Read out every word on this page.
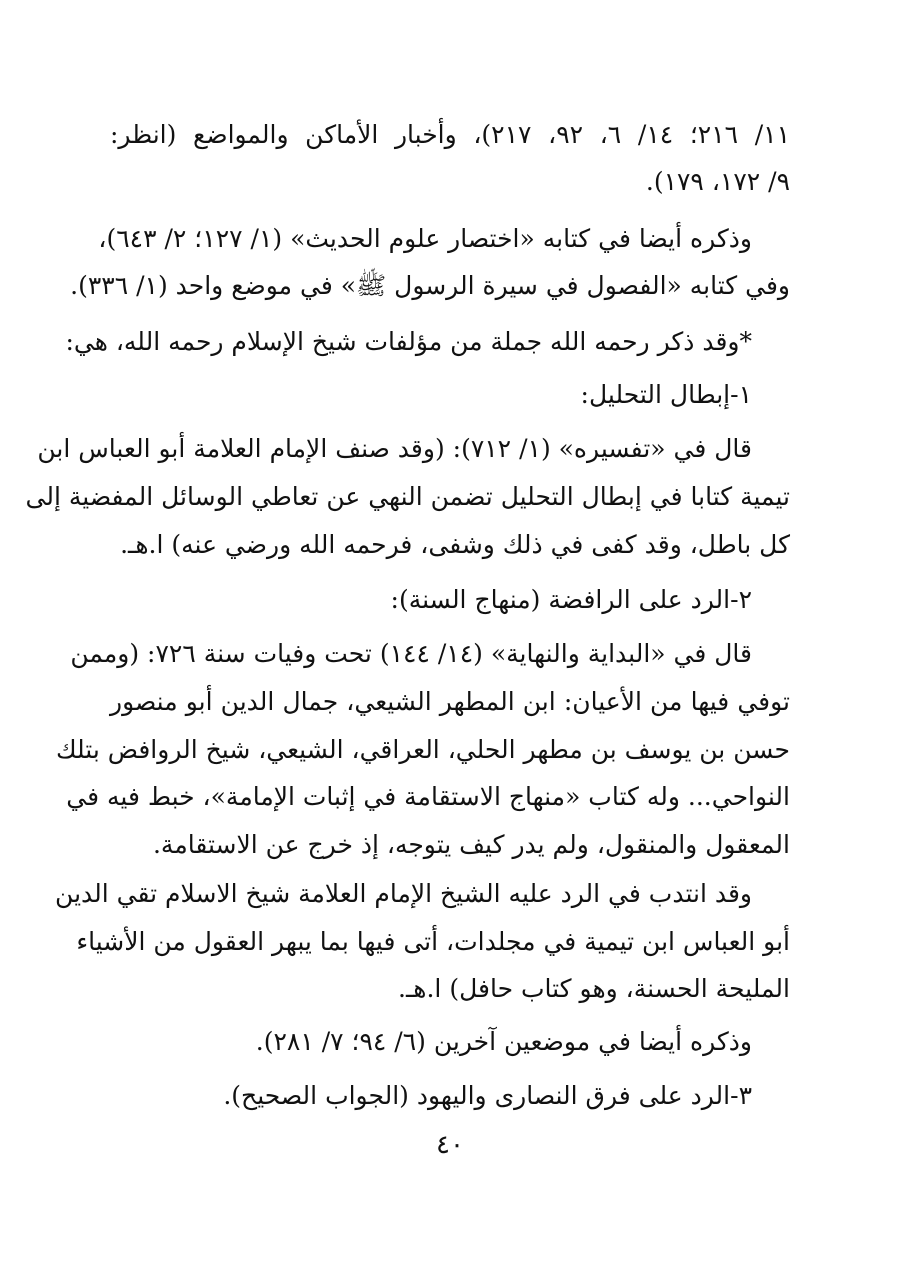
١١/ ٢١٦؛ ١٤/ ٦، ٩٢، ٢١٧)، وأخبار الأماكن والمواضع (انظر:
٩/ ١٧٢، ١٧٩).
وذكره أيضا في كتابه «اختصار علوم الحديث» (١/ ١٢٧؛ ٢/ ٦٤٣)،
وفي كتابه «الفصول في سيرة الرسول ﷺ» في موضع واحد (١/ ٣٣٦).
*وقد ذكر رحمه الله جملة من مؤلفات شيخ الإسلام رحمه الله، هي:
١-إبطال التحليل:
قال في «تفسيره» (١/ ٧١٢): (وقد صنف الإمام العلامة أبو العباس ابن
تيمية كتابا في إبطال التحليل تضمن النهي عن تعاطي الوسائل المفضية إلى
كل باطل، وقد كفى في ذلك وشفى، فرحمه الله ورضي عنه) ا.هـ.
٢-الرد على الرافضة (منهاج السنة):
قال في «البداية والنهاية» (١٤/ ١٤٤) تحت وفيات سنة ٧٢٦: (وممن
توفي فيها من الأعيان: ابن المطهر الشيعي، جمال الدين أبو منصور
حسن بن يوسف بن مطهر الحلي، العراقي، الشيعي، شيخ الروافض بتلك
النواحي... وله كتاب «منهاج الاستقامة في إثبات الإمامة»، خبط فيه في
المعقول والمنقول، ولم يدر كيف يتوجه، إذ خرج عن الاستقامة.
وقد انتدب في الرد عليه الشيخ الإمام العلامة شيخ الاسلام تقي الدين
أبو العباس ابن تيمية في مجلدات، أتى فيها بما يبهر العقول من الأشياء
المليحة الحسنة، وهو كتاب حافل) ا.هـ.
وذكره أيضا في موضعين آخرين (٦/ ٩٤؛ ٧/ ٢٨١).
٣-الرد على فرق النصارى واليهود (الجواب الصحيح).
٤٠
